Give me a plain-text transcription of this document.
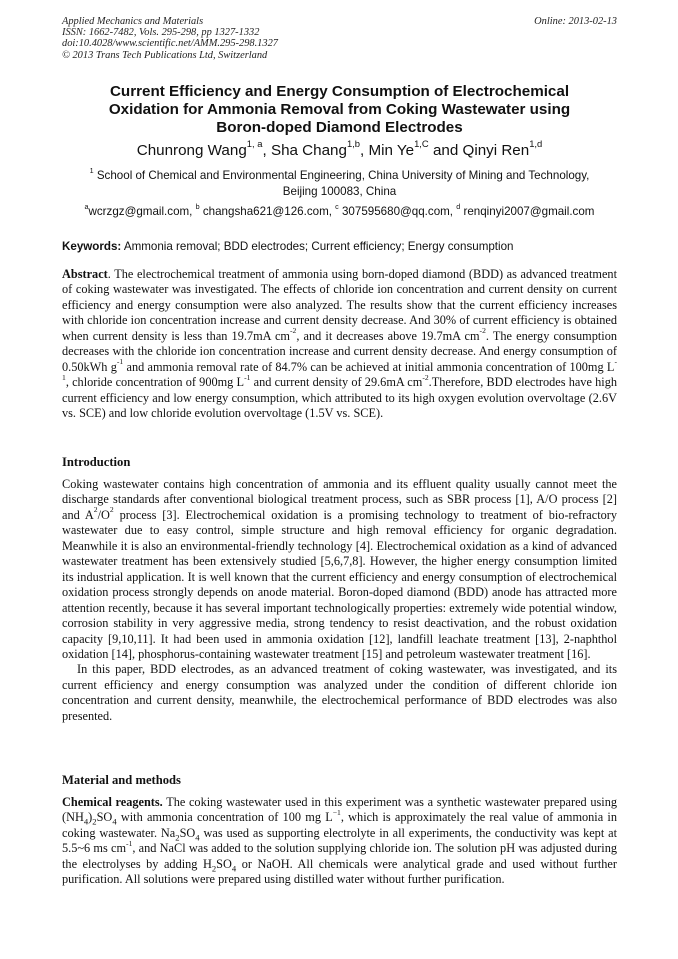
Applied Mechanics and Materials
ISSN: 1662-7482, Vols. 295-298, pp 1327-1332
doi:10.4028/www.scientific.net/AMM.295-298.1327
© 2013 Trans Tech Publications Ltd, Switzerland
Online: 2013-02-13
Current Efficiency and Energy Consumption of Electrochemical
Oxidation for Ammonia Removal from Coking Wastewater using
Boron-doped Diamond Electrodes
Chunrong Wang$^{1, a}$, Sha Chang$^{1,b}$, Min $Ye^{1,C}$ and Qinyi Ren$^{1,d}$
$^1$ School of Chemical and Environmental Engineering, China University of Mining and Technology,
Beijing 100083, China
$^a$wcrzgz@gmail.com, $^b$ changsha621@126.com, $^c$ 307595680@qq.com, $^d$ renqinyi2007@gmail.com
Keywords: Ammonia removal; BDD electrodes; Current efficiency; Energy consumption
Abstract. The electrochemical treatment of ammonia using born-doped diamond (BDD) as advanced treatment of coking wastewater was investigated. The effects of chloride ion concentration and current density on current efficiency and energy consumption were also analyzed. The results show that the current efficiency increases with chloride ion concentration increase and current density decrease. And 30% of current efficiency is obtained when current density is less than 19.7mA $cm^{-2}$, and it decreases above 19.7mA $cm^{-2}$. The energy consumption decreases with the chloride ion concentration increase and current density decrease. And energy consumption of 0.50kWh $g^{-1}$ and ammonia removal rate of 84.7% can be achieved at initial ammonia concentration of 100mg $L^{-1}$, chloride concentration of 900mg $L^{-1}$ and current density of 29.6mA $cm^{-2}.Therefore$, BDD electrodes have high current efficiency and low energy consumption, which attributed to its high oxygen evolution overvoltage (2.6V vs. SCE) and low chloride evolution overvoltage (1.5V vs. SCE).
Introduction

Coking wastewater contains high concentration of ammonia and its effluent quality usually cannot meet the discharge standards after conventional biological treatment process, such as SBR process [1], A/O process [2] and $A^2/O^2$ process [3]. Electrochemical oxidation is a promising technology to treatment of bio-refractory wastewater due to easy control, simple structure and high removal efficiency for organic degradation. Meanwhile it is also an environmental-friendly technology [4]. Electrochemical oxidation as a kind of advanced wastewater treatment has been extensively studied [5,6,7,8]. However, the higher energy consumption limited its industrial application. It is well known that the current efficiency and energy consumption of electrochemical oxidation process strongly depends on anode material. Boron-doped diamond (BDD) anode has attracted more attention recently, because it has several important technologically properties: extremely wide potential window, corrosion stability in very aggressive media, strong tendency to resist deactivation, and the robust oxidation capacity [9,10,11]. It had been used in ammonia oxidation [12], landfill leachate treatment [13], 2-naphthol oxidation [14], phosphorus-containing wastewater treatment [15] and petroleum wastewater treatment [16].

In this paper, BDD electrodes, as an advanced treatment of coking wastewater, was investigated, and its current efficiency and energy consumption was analyzed under the condition of different chloride ion concentration and current density, meanwhile, the electrochemical performance of BDD electrodes was also presented.

Material and methods
Chemical reagents. The coking wastewater used in this experiment was a synthetic wastewater prepared using $(NH_4)_2SO_4$ with ammonia concentration of 100 mg $L^{-1}$, which is approximately the real value of ammonia in coking wastewater. $Na_2SO_4$ was used as supporting electrolyte in all experiments, the conductivity was kept at 5.5~6 ms $cm^{-1}$, and NaCl was added to the solution supplying chloride ion. The solution pH was adjusted during the electrolyses by adding $H_2SO_4$ or NaOH. All chemicals were analytical grade and used without further purification. All solutions were prepared using distilled water without further purification.
